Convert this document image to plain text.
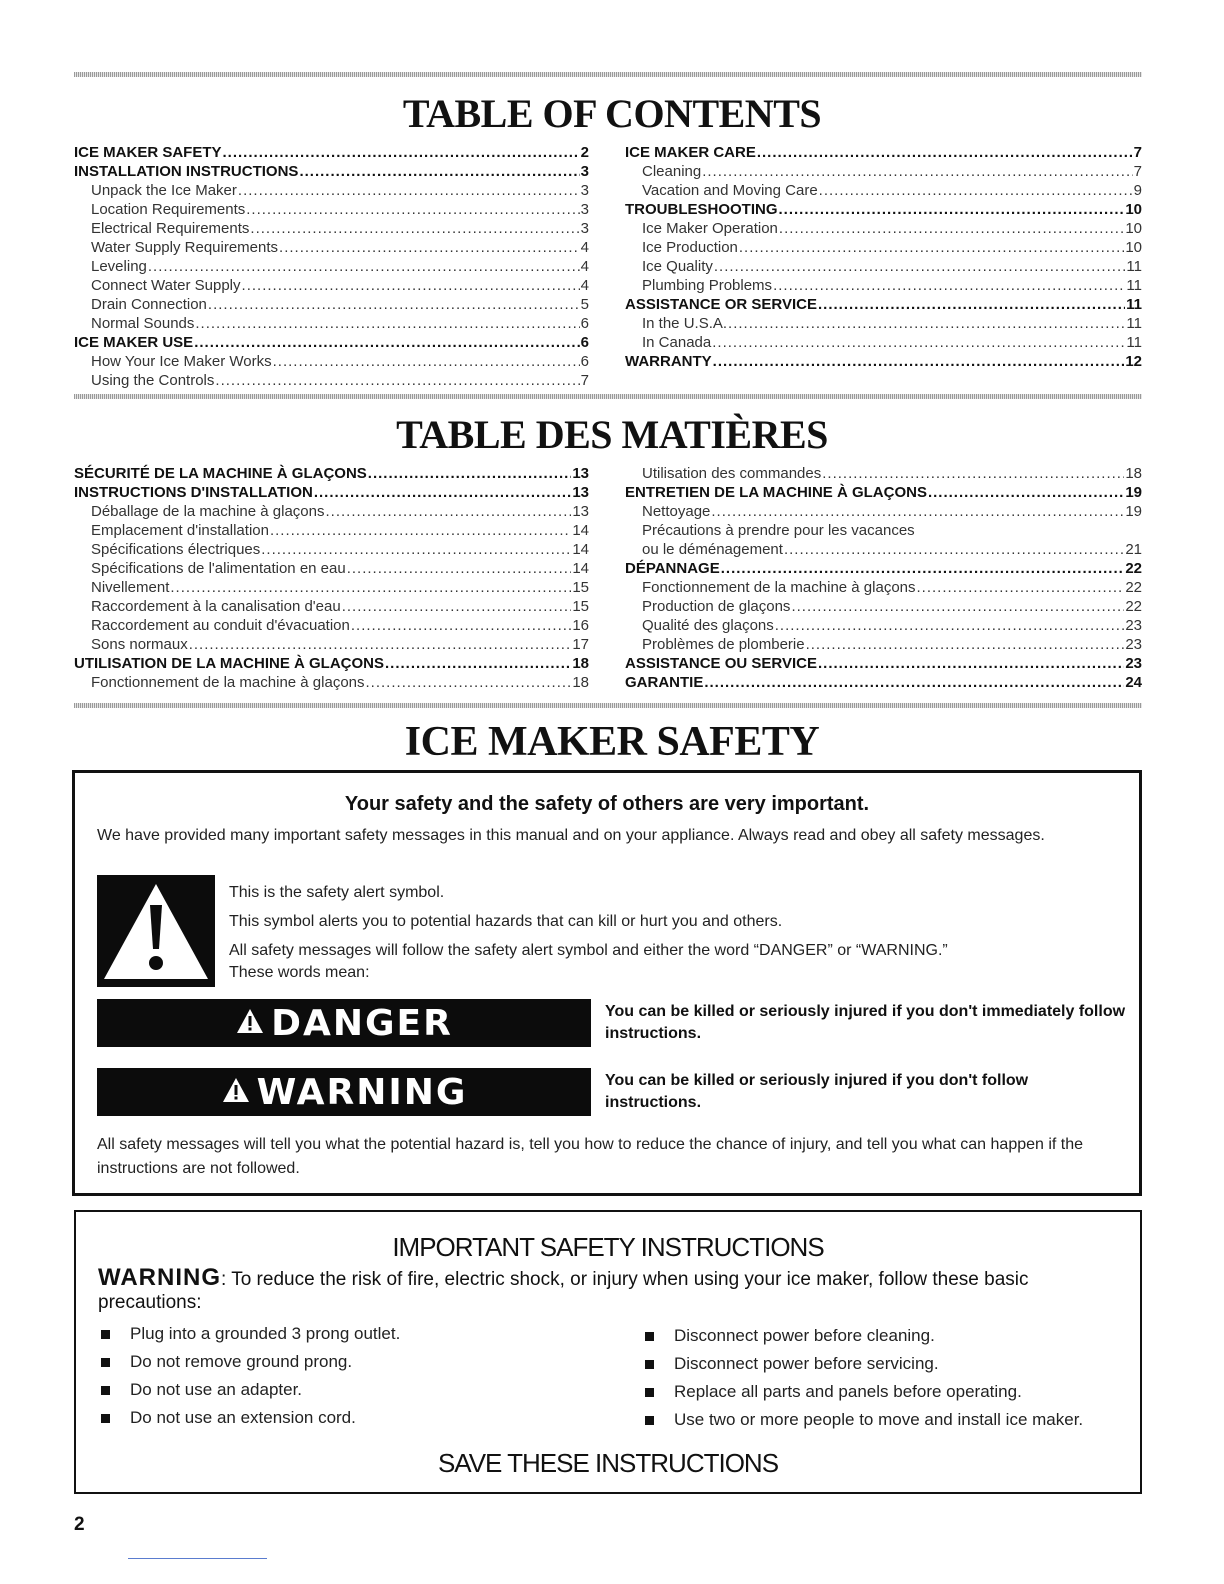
TABLE OF CONTENTS
ICE MAKER SAFETY .....	2
INSTALLATION INSTRUCTIONS .....	3
Unpack the Ice Maker .....	3
Location Requirements .....	3
Electrical Requirements .....	3
Water Supply Requirements .....	4
Leveling .....	4
Connect Water Supply .....	4
Drain Connection .....	5
Normal Sounds .....	6
ICE MAKER USE .....	6
How Your Ice Maker Works .....	6
Using the Controls .....	7
ICE MAKER CARE .....	7
Cleaning .....	7
Vacation and Moving Care .....	9
TROUBLESHOOTING .....	10
Ice Maker Operation .....	10
Ice Production .....	10
Ice Quality .....	11
Plumbing Problems .....	11
ASSISTANCE OR SERVICE .....	11
In the U.S.A. .....	11
In Canada .....	11
WARRANTY .....	12
TABLE DES MATIÈRES
SÉCURITÉ DE LA MACHINE À GLAÇONS .....	13
INSTRUCTIONS D'INSTALLATION .....	13
Déballage de la machine à glaçons .....	13
Emplacement d'installation .....	14
Spécifications électriques .....	14
Spécifications de l'alimentation en eau .....	14
Nivellement .....	15
Raccordement à la canalisation d'eau .....	15
Raccordement au conduit d'évacuation .....	16
Sons normaux .....	17
UTILISATION DE LA MACHINE À GLAÇONS .....	18
Fonctionnement de la machine à glaçons .....	18
Utilisation des commandes .....	18
ENTRETIEN DE LA MACHINE À GLAÇONS .....	19
Nettoyage .....	19
Précautions à prendre pour les vacances
ou le déménagement .....	21
DÉPANNAGE .....	22
Fonctionnement de la machine à glaçons .....	22
Production de glaçons .....	22
Qualité des glaçons .....	23
Problèmes de plomberie .....	23
ASSISTANCE OU SERVICE .....	23
GARANTIE .....	24
ICE MAKER SAFETY
Your safety and the safety of others are very important.
We have provided many important safety messages in this manual and on your appliance. Always read and obey all safety messages.
This is the safety alert symbol.
This symbol alerts you to potential hazards that can kill or hurt you and others.
All safety messages will follow the safety alert symbol and either the word “DANGER” or “WARNING.”
These words mean:
DANGER	You can be killed or seriously injured if you don't immediately follow instructions.
WARNING	You can be killed or seriously injured if you don't follow instructions.
All safety messages will tell you what the potential hazard is, tell you how to reduce the chance of injury, and tell you what can happen if the instructions are not followed.
IMPORTANT SAFETY INSTRUCTIONS
WARNING: To reduce the risk of fire, electric shock, or injury when using your ice maker, follow these basic precautions:
Plug into a grounded 3 prong outlet.
Do not remove ground prong.
Do not use an adapter.
Do not use an extension cord.
Disconnect power before cleaning.
Disconnect power before servicing.
Replace all parts and panels before operating.
Use two or more people to move and install ice maker.
SAVE THESE INSTRUCTIONS
2
